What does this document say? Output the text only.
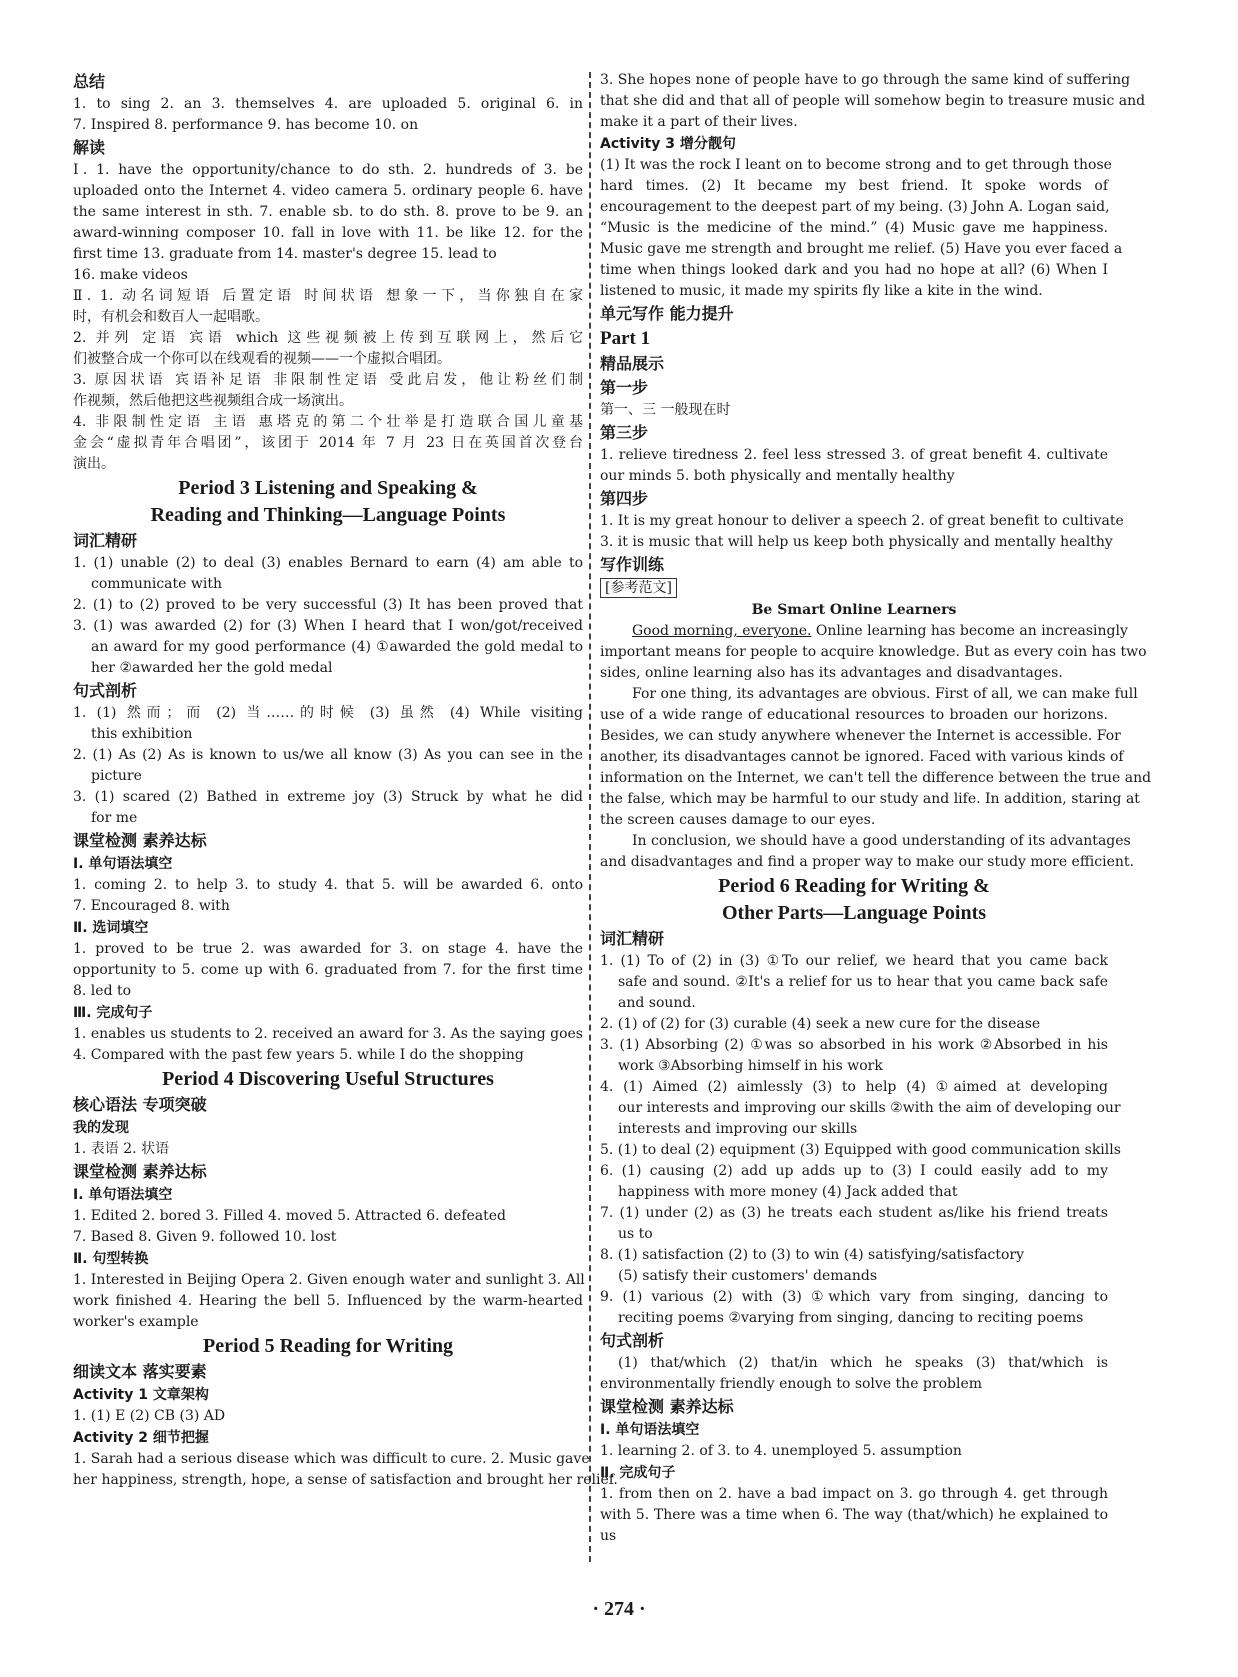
总结
1. to sing 2. an 3. themselves 4. are uploaded 5. original 6. in
7. Inspired 8. performance 9. has become 10. on
解读
Ⅰ. 1. have the opportunity/chance to do sth. 2. hundreds of 3. be
uploaded onto the Internet 4. video camera 5. ordinary people 6. have
the same interest in sth. 7. enable sb. to do sth. 8. prove to be 9. an
award-winning composer 10. fall in love with 11. be like 12. for the
first time 13. graduate from 14. master's degree 15. lead to
16. make videos
Ⅱ. 1. 动名词短语 后置定语 时间状语 想象一下，当你独自在家
时，有机会和数百人一起唱歌。
2. 并列 定语 宾语 which 这些视频被上传到互联网上，然后它
们被整合成一个你可以在线观看的视频——一个虚拟合唱团。
3. 原因状语 宾语补足语 非限制性定语 受此启发，他让粉丝们制
作视频，然后他把这些视频组合成一场演出。
4. 非限制性定语 主语 惠塔克的第二个壮举是打造联合国儿童基
金会“虚拟青年合唱团”，该团于 2014 年 7 月 23 日在英国首次登台
演出。
Period 3 Listening and Speaking &
Reading and Thinking—Language Points
词汇精研
1. (1) unable (2) to deal (3) enables Bernard to earn (4) am able to
communicate with
2. (1) to (2) proved to be very successful (3) It has been proved that
3. (1) was awarded (2) for (3) When I heard that I won/got/received
an award for my good performance (4) ①awarded the gold medal to
her ②awarded her the gold medal
句式剖析
1. (1) 然而；而 (2) 当……的时候 (3) 虽然 (4) While visiting
this exhibition
2. (1) As (2) As is known to us/we all know (3) As you can see in the
picture
3. (1) scared (2) Bathed in extreme joy (3) Struck by what he did
for me
课堂检测 素养达标
Ⅰ. 单句语法填空
1. coming 2. to help 3. to study 4. that 5. will be awarded 6. onto
7. Encouraged 8. with
Ⅱ. 选词填空
1. proved to be true 2. was awarded for 3. on stage 4. have the
opportunity to 5. come up with 6. graduated from 7. for the first time
8. led to
Ⅲ. 完成句子
1. enables us students to 2. received an award for 3. As the saying goes
4. Compared with the past few years 5. while I do the shopping
Period 4 Discovering Useful Structures
核心语法 专项突破
我的发现
1. 表语 2. 状语
课堂检测 素养达标
Ⅰ. 单句语法填空
1. Edited 2. bored 3. Filled 4. moved 5. Attracted 6. defeated
7. Based 8. Given 9. followed 10. lost
Ⅱ. 句型转换
1. Interested in Beijing Opera 2. Given enough water and sunlight 3. All
work finished 4. Hearing the bell 5. Influenced by the warm-hearted
worker's example
Period 5 Reading for Writing
细读文本 落实要素
Activity 1 文章架构
1. (1) E (2) CB (3) AD
Activity 2 细节把握
1. Sarah had a serious disease which was difficult to cure. 2. Music gave
her happiness, strength, hope, a sense of satisfaction and brought her relief.
3. She hopes none of people have to go through the same kind of suffering
that she did and that all of people will somehow begin to treasure music and
make it a part of their lives.
Activity 3 增分靓句
(1) It was the rock I leant on to become strong and to get through those
hard times. (2) It became my best friend. It spoke words of
encouragement to the deepest part of my being. (3) John A. Logan said,
“Music is the medicine of the mind.” (4) Music gave me happiness.
Music gave me strength and brought me relief. (5) Have you ever faced a
time when things looked dark and you had no hope at all? (6) When I
listened to music, it made my spirits fly like a kite in the wind.
单元写作 能力提升
Part 1
精品展示
第一步
第一、三 一般现在时
第三步
1. relieve tiredness 2. feel less stressed 3. of great benefit 4. cultivate
our minds 5. both physically and mentally healthy
第四步
1. It is my great honour to deliver a speech 2. of great benefit to cultivate
3. it is music that will help us keep both physically and mentally healthy
写作训练
[参考范文]
Be Smart Online Learners
Good morning, everyone. Online learning has become an increasingly
important means for people to acquire knowledge. But as every coin has two
sides, online learning also has its advantages and disadvantages.
For one thing, its advantages are obvious. First of all, we can make full
use of a wide range of educational resources to broaden our horizons.
Besides, we can study anywhere whenever the Internet is accessible. For
another, its disadvantages cannot be ignored. Faced with various kinds of
information on the Internet, we can't tell the difference between the true and
the false, which may be harmful to our study and life. In addition, staring at
the screen causes damage to our eyes.
In conclusion, we should have a good understanding of its advantages
and disadvantages and find a proper way to make our study more efficient.
Period 6 Reading for Writing &
Other Parts—Language Points
词汇精研
1. (1) To of (2) in (3) ①To our relief, we heard that you came back
safe and sound. ②It's a relief for us to hear that you came back safe
and sound.
2. (1) of (2) for (3) curable (4) seek a new cure for the disease
3. (1) Absorbing (2) ①was so absorbed in his work ②Absorbed in his
work ③Absorbing himself in his work
4. (1) Aimed (2) aimlessly (3) to help (4) ①aimed at developing
our interests and improving our skills ②with the aim of developing our
interests and improving our skills
5. (1) to deal (2) equipment (3) Equipped with good communication skills
6. (1) causing (2) add up adds up to (3) I could easily add to my
happiness with more money (4) Jack added that
7. (1) under (2) as (3) he treats each student as/like his friend treats
us to
8. (1) satisfaction (2) to (3) to win (4) satisfying/satisfactory
(5) satisfy their customers' demands
9. (1) various (2) with (3) ①which vary from singing, dancing to
reciting poems ②varying from singing, dancing to reciting poems
句式剖析
(1) that/which (2) that/in which he speaks (3) that/which is
environmentally friendly enough to solve the problem
课堂检测 素养达标
Ⅰ. 单句语法填空
1. learning 2. of 3. to 4. unemployed 5. assumption
Ⅱ. 完成句子
1. from then on 2. have a bad impact on 3. go through 4. get through
with 5. There was a time when 6. The way (that/which) he explained to
us
· 274 ·
